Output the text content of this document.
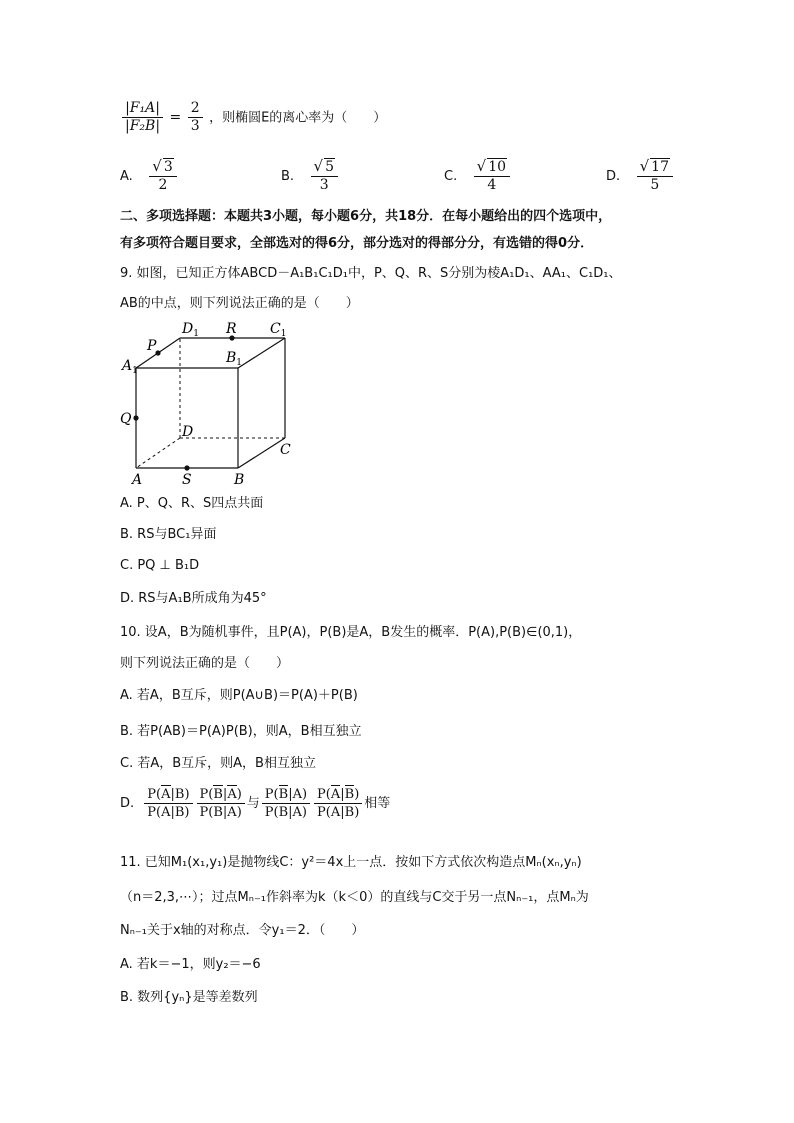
$\frac{\text{|F₁A|}}{\text{|F₂B|}} = \frac{2}{3}$ ，则椭圆E的离心率为（　　）
A. $\frac{√ 3}{2}$	B. $\frac{√ 5}{3}$	C. $\frac{√ 10}{4}$	D. $\frac{√ 17}{5}$
二、多项选择题：本题共3小题，每小题6分，共18分．在每小题给出的四个选项中，
有多项符合题目要求，全部选对的得6分，部分选对的得部分分，有选错的得0分．
9. 如图，已知正方体ABCD－A₁B₁C₁D₁中，P、Q、R、S分别为棱A₁D₁、AA₁、C₁D₁、
AB的中点，则下列说法正确的是（　　）
$D_1$ R $C_1$
P
$B_1$
$A_1$
Q
D
C
A	S	B
A. P、Q、R、S四点共面
B. RS与BC₁异面
C. PQ ⊥ B₁D
D. RS与A₁B所成角为45°
10. 设A，B为随机事件，且P(A)，P(B)是A，B发生的概率．P(A),P(B)∈(0,1)，
则下列说法正确的是（　　）
A. 若A，B互斥，则P(A∪B)＝P(A)＋P(B)
B. 若P(AB)＝P(A)P(B)，则A，B相互独立
C. 若A，B互斥，则A，B相互独立
D. $\frac{P(A|B)}{P(A|B)} \frac{P(B|A)}{P(B|A)}$ 与 $\frac{P(B|A)}{P(B|A)} \frac{P(A|B)}{P(A|B)}$ 相等
11. 已知M₁(x₁,y₁)是抛物线C：y²＝4x上一点．按如下方式依次构造点Mₙ(xₙ,yₙ)
（n＝2,3,⋯）；过点Mₙ₋₁作斜率为k（k＜0）的直线与C交于另一点Nₙ₋₁，点Mₙ为
Nₙ₋₁关于x轴的对称点．令y₁＝2．（　　）
A. 若k＝−1，则y₂＝−6
B. 数列{yₙ}是等差数列
